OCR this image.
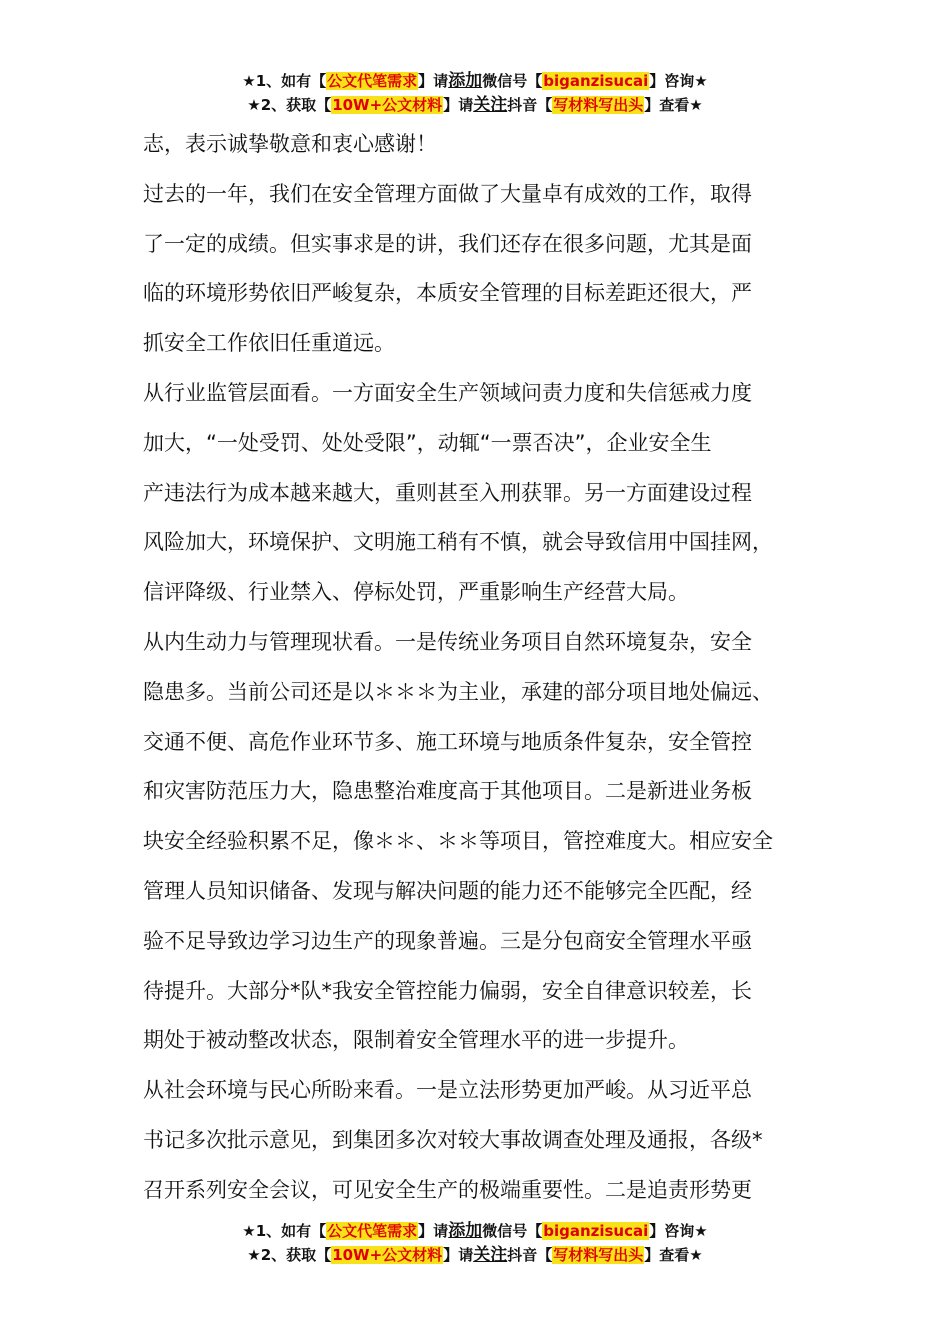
★1、如有【公文代笔需求】请添加微信号【biganzisucai】咨询★
★2、获取【10W+公文材料】请关注抖音【写材料写出头】查看★
志，表示诚挚敬意和衷心感谢！
过去的一年，我们在安全管理方面做了大量卓有成效的工作，取得
了一定的成绩。但实事求是的讲，我们还存在很多问题，尤其是面
临的环境形势依旧严峻复杂，本质安全管理的目标差距还很大，严
抓安全工作依旧任重道远。
从行业监管层面看。一方面安全生产领域问责力度和失信惩戒力度
加大，“一处受罚、处处受限”，动辄“一票否决”，企业安全生
产违法行为成本越来越大，重则甚至入刑获罪。另一方面建设过程
风险加大，环境保护、文明施工稍有不慎，就会导致信用中国挂网，
信评降级、行业禁入、停标处罚，严重影响生产经营大局。
从内生动力与管理现状看。一是传统业务项目自然环境复杂，安全
隐患多。当前公司还是以＊＊＊为主业，承建的部分项目地处偏远、
交通不便、高危作业环节多、施工环境与地质条件复杂，安全管控
和灾害防范压力大，隐患整治难度高于其他项目。二是新进业务板
块安全经验积累不足，像＊＊、＊＊等项目，管控难度大。相应安全
管理人员知识储备、发现与解决问题的能力还不能够完全匹配，经
验不足导致边学习边生产的现象普遍。三是分包商安全管理水平亟
待提升。大部分*队*我安全管控能力偏弱，安全自律意识较差，长
期处于被动整改状态，限制着安全管理水平的进一步提升。
从社会环境与民心所盼来看。一是立法形势更加严峻。从习近平总
书记多次批示意见，到集团多次对较大事故调查处理及通报，各级*
召开系列安全会议，可见安全生产的极端重要性。二是追责形势更
★1、如有【公文代笔需求】请添加微信号【biganzisucai】咨询★
★2、获取【10W+公文材料】请关注抖音【写材料写出头】查看★
